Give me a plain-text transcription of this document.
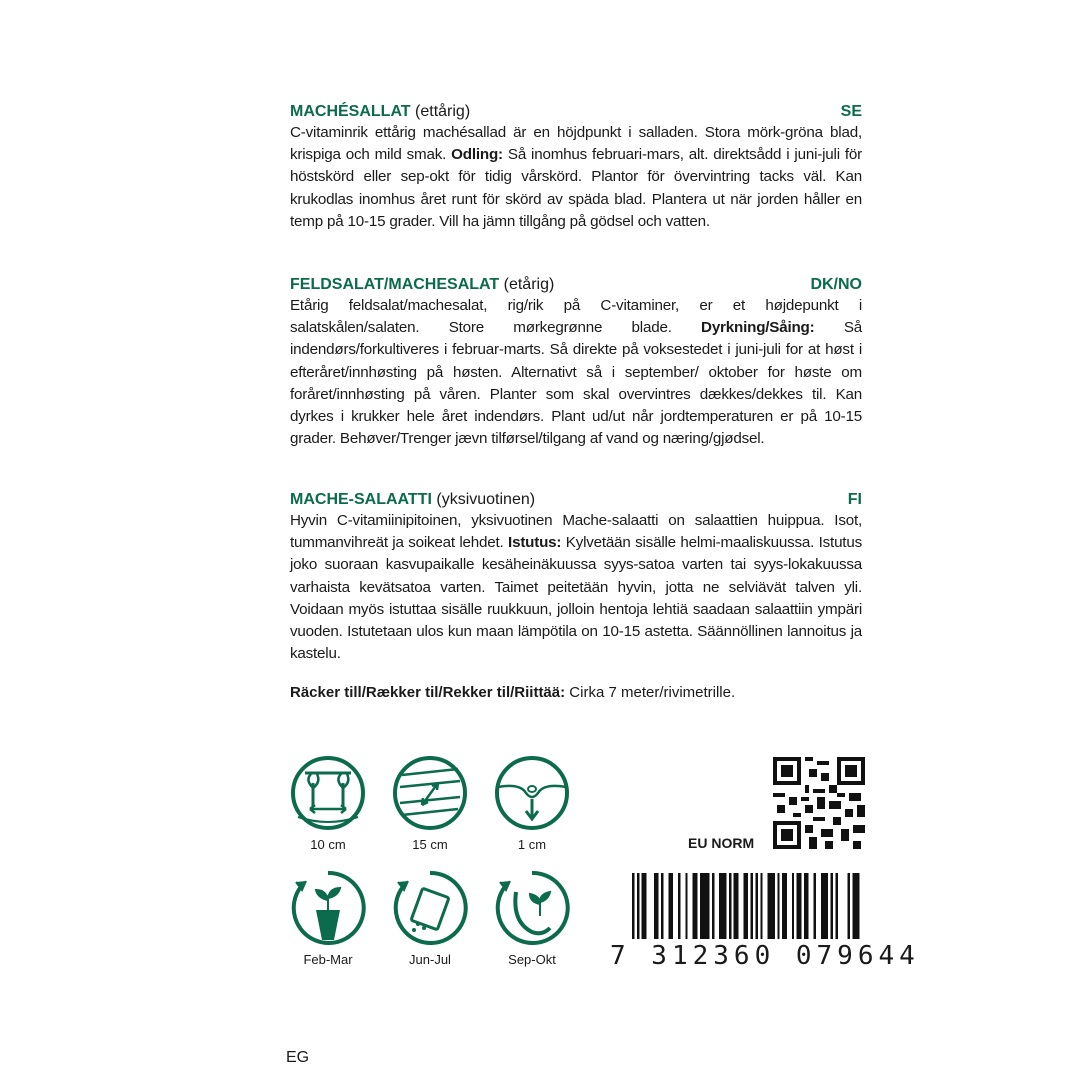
MACHÉSALLAT (ettårig)	SE
C-vitaminrik ettårig machésallad är en höjdpunkt i salladen. Stora mörk-gröna blad, krispiga och mild smak. Odling: Så inomhus februari-mars, alt. direktsådd i juni-juli för höstskörd eller sep-okt för tidig vårskörd. Plantor för övervintring tacks väl. Kan krukodlas inomhus året runt för skörd av späda blad. Plantera ut när jorden håller en temp på 10-15 grader. Vill ha jämn tillgång på gödsel och vatten.
FELDSALAT/MACHESALAT (etårig)	DK/NO
Etårig feldsalat/machesalat, rig/rik på C-vitaminer, er et højdepunkt i salatskålen/salaten. Store mørkegrønne blade. Dyrkning/Såing: Så indendørs/forkultiveres i februar-marts. Så direkte på voksestedet i juni-juli for at høst i efteråret/innhøsting på høsten. Alternativt så i september/ oktober for høste om foråret/innhøsting på våren. Planter som skal overvintres dækkes/dekkes til. Kan dyrkes i krukker hele året indendørs. Plant ud/ut når jordtemperaturen er på 10-15 grader. Behøver/Trenger jævn tilførsel/tilgang af vand og næring/gjødsel.
MACHE-SALAATTI (yksivuotinen)	FI
Hyvin C-vitamiinipitoinen, yksivuotinen Mache-salaatti on salaattien huippua. Isot, tummanvihreät ja soikeat lehdet. Istutus: Kylvetään sisälle helmi-maaliskuussa. Istutus joko suoraan kasvupaikalle kesäheinäkuussa syys-satoa varten tai syys-lokakuussa varhaista kevätsatoa varten. Taimet peitetään hyvin, jotta ne selviävät talven yli. Voidaan myös istuttaa sisälle ruukkuun, jolloin hentoja lehtiä saadaan salaattiin ympäri vuoden. Istutetaan ulos kun maan lämpötila on 10-15 astetta. Säännöllinen lannoitus ja kastelu.
Räcker till/Rækker til/Rekker til/Riittää: Cirka 7 meter/rivimetrille.
10 cm	15 cm	1 cm
Feb-Mar	Jun-Jul	Sep-Okt
EU NORM
7 312360 079644
EG
